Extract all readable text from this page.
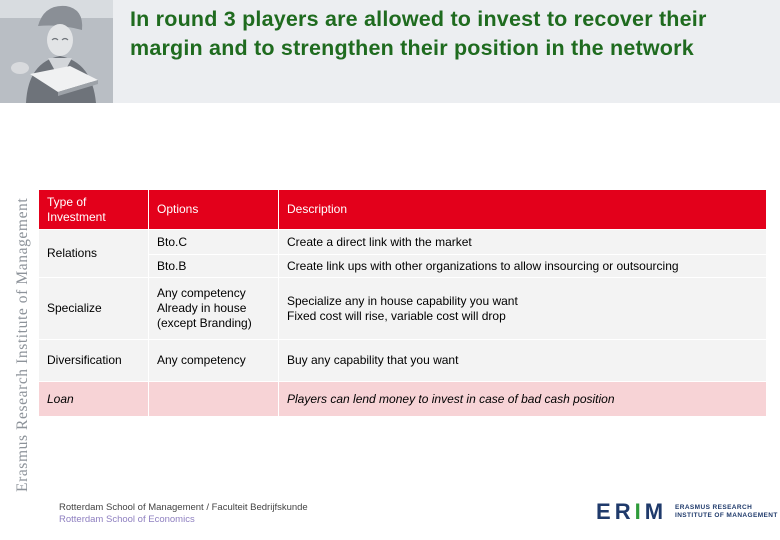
In round 3 players are allowed to invest to recover their margin and to strengthen their position in the network
Erasmus Research Institute of Management Type of Investment	Options	Description
Relations	Bto.C	Create a direct link with the market
	Bto.B	Create link ups with other organizations to allow insourcing or outsourcing
Specialize	Any competency Already in house (except Branding)	Specialize any in house capability you want
Fixed cost will rise, variable cost will drop

Diversification	Any competency	Buy any capability that you want
Loan		Players can lend money to invest in case of bad cash position
Rotterdam School of Management / Faculteit Bedrijfskunde
Rotterdam School of Economics	ERIM ERASMUS RESEARCH
INSTITUTE OF MANAGEMENT
